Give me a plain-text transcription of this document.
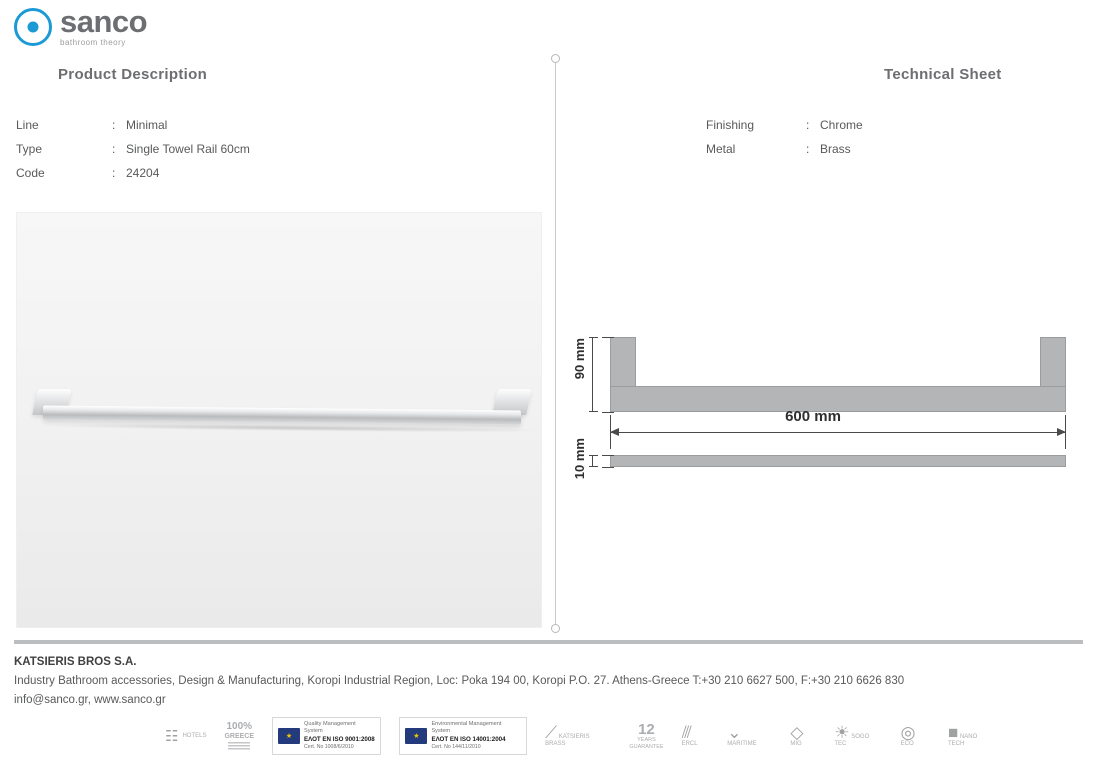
sanco
bathroom theory
Product Description	Technical Sheet
Line	: Minimal
Type	: Single Towel Rail 60cm
Code	: 24204
Finishing	: Chrome
Metal	: Brass
90 mm
600 mm
10 mm
KATSIERIS BROS S.A.
Industry Bathroom accessories, Design & Manufacturing, Koropi Industrial Region, Loc: Poka 194 00, Koropi P.O. 27. Athens-Greece T:+30 210 6627 500, F:+30 210 6626 830
info@sanco.gr, www.sanco.gr
☷ HOTELS
100%
GREECE
★
Quality Management System
ΕΛΟΤ EN ISO 9001:2008
Cert. No 1008/6/2010
★
Environmental Management System
ΕΛΟΤ EN ISO 14001:2004
Cert. No 144/11/2010
⟋ KATSIERIS BRASS
12
YEARS
GUARANTEE
⫻ ERCL
⌄ MARITIME
◇ MIG
☀ SOGO TEC
◎ ECO
■ NANO TECH
